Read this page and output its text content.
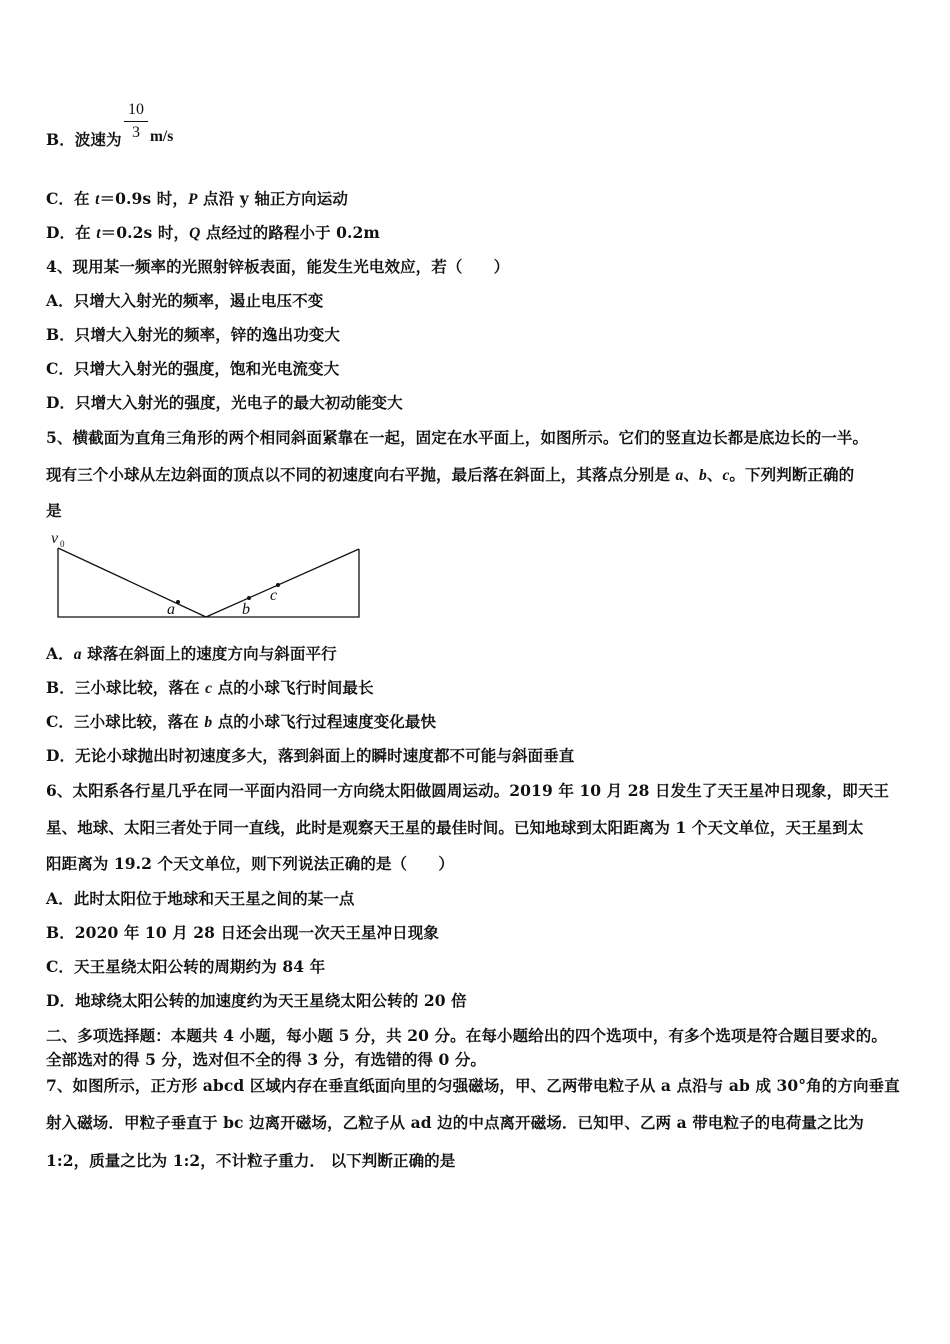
B．波速为
10
3 m/s
C．在 t＝0.9s 时，P 点沿 y 轴正方向运动
D．在 t＝0.2s 时，Q 点经过的路程小于 0.2m
4、现用某一频率的光照射锌板表面，能发生光电效应，若（　　）
A．只增大入射光的频率，遏止电压不变
B．只增大入射光的频率，锌的逸出功变大
C．只增大入射光的强度，饱和光电流变大
D．只增大入射光的强度，光电子的最大初动能变大
5、横截面为直角三角形的两个相同斜面紧靠在一起，固定在水平面上，如图所示。它们的竖直边长都是底边长的一半。
现有三个小球从左边斜面的顶点以不同的初速度向右平抛，最后落在斜面上，其落点分别是 a、b、c。下列判断正确的
是
v 0
a	b
c
A．a 球落在斜面上的速度方向与斜面平行
B．三小球比较，落在 c 点的小球飞行时间最长
C．三小球比较，落在 b 点的小球飞行过程速度变化最快
D．无论小球抛出时初速度多大，落到斜面上的瞬时速度都不可能与斜面垂直
6、太阳系各行星几乎在同一平面内沿同一方向绕太阳做圆周运动。2019 年 10 月 28 日发生了天王星冲日现象，即天王
星、地球、太阳三者处于同一直线，此时是观察天王星的最佳时间。已知地球到太阳距离为 1 个天文单位，天王星到太
阳距离为 19.2 个天文单位，则下列说法正确的是（　　）
A．此时太阳位于地球和天王星之间的某一点
B．2020 年 10 月 28 日还会出现一次天王星冲日现象
C．天王星绕太阳公转的周期约为 84 年
D．地球绕太阳公转的加速度约为天王星绕太阳公转的 20 倍
二、多项选择题：本题共 4 小题，每小题 5 分，共 20 分。在每小题给出的四个选项中，有多个选项是符合题目要求的。
全部选对的得 5 分，选对但不全的得 3 分，有选错的得 0 分。
7、如图所示，正方形 abcd 区域内存在垂直纸面向里的匀强磁场，甲、乙两带电粒子从 a 点沿与 ab 成 30°角的方向垂直
射入磁场．甲粒子垂直于 bc 边离开磁场，乙粒子从 ad 边的中点离开磁场．已知甲、乙两 a 带电粒子的电荷量之比为
1:2，质量之比为 1:2，不计粒子重力． 以下判断正确的是
